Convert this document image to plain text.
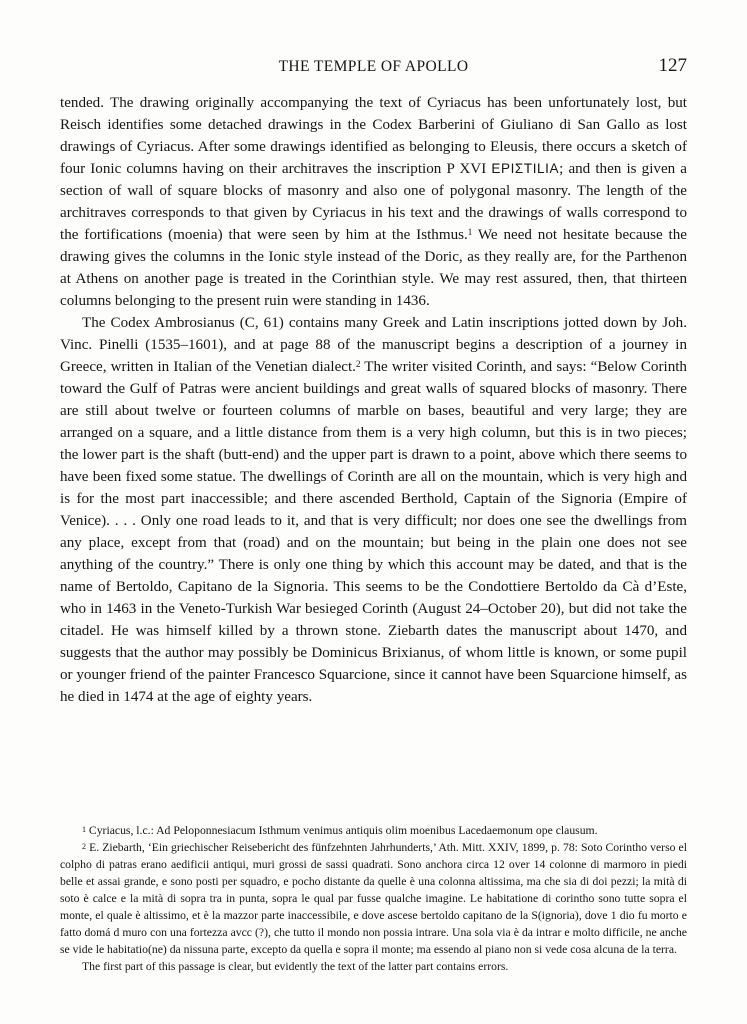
THE TEMPLE OF APOLLO	127

tended. The drawing originally accompanying the text of Cyriacus has been unfortunately lost, but Reisch identifies some detached drawings in the Codex Barberini of Giuliano di San Gallo as lost drawings of Cyriacus. After some drawings identified as belonging to Eleusis, there occurs a sketch of four Ionic columns having on their architraves the inscription P XVI EPIΣTILIA; and then is given a section of wall of square blocks of masonry and also one of polygonal masonry. The length of the architraves corresponds to that given by Cyriacus in his text and the drawings of walls correspond to the fortifications (moenia) that were seen by him at the Isthmus.$^1$ We need not hesitate because the drawing gives the columns in the Ionic style instead of the Doric, as they really are, for the Parthenon at Athens on another page is treated in the Corinthian style. We may rest assured, then, that thirteen columns belonging to the present ruin were standing in 1436.

The Codex Ambrosianus (C, 61) contains many Greek and Latin inscriptions jotted down by Joh. Vinc. Pinelli (1535–1601), and at page 88 of the manuscript begins a description of a journey in Greece, written in Italian of the Venetian dialect.$^2$ The writer visited Corinth, and says: “Below Corinth toward the Gulf of Patras were ancient buildings and great walls of squared blocks of masonry. There are still about twelve or fourteen columns of marble on bases, beautiful and very large; they are arranged on a square, and a little distance from them is a very high column, but this is in two pieces; the lower part is the shaft (butt-end) and the upper part is drawn to a point, above which there seems to have been fixed some statue. The dwellings of Corinth are all on the mountain, which is very high and is for the most part inaccessible; and there ascended Berthold, Captain of the Signoria (Empire of Venice). . . . Only one road leads to it, and that is very difficult; nor does one see the dwellings from any place, except from that (road) and on the mountain; but being in the plain one does not see anything of the country.” There is only one thing by which this account may be dated, and that is the name of Bertoldo, Capitano de la Signoria. This seems to be the Condottiere Bertoldo da Cà d’Este, who in 1463 in the Veneto-Turkish War besieged Corinth (August 24–October 20), but did not take the citadel. He was himself killed by a thrown stone. Ziebarth dates the manuscript about 1470, and suggests that the author may possibly be Dominicus Brixianus, of whom little is known, or some pupil or younger friend of the painter Francesco Squarcione, since it cannot have been Squarcione himself, as he died in 1474 at the age of eighty years.

$^1$ Cyriacus, l.c.: Ad Peloponnesiacum Isthmum venimus antiquis olim moenibus Lacedaemonum ope clausum.

$^2$ E. Ziebarth, ‘Ein griechischer Reisebericht des fünfzehnten Jahrhunderts,’ Ath. Mitt. XXIV, 1899, p. 78: Soto Corintho verso el colpho di patras erano aedificii antiqui, muri grossi de sassi quadrati. Sono anchora circa 12 over 14 colonne di marmoro in piedi belle et assai grande, e sono posti per squadro, e pocho distante da quelle è una colonna altissima, ma che sia di doi pezzi; la mità di soto è calce e la mità di sopra tra in punta, sopra le qual par fusse qualche imagine. Le habitatione di corintho sono tutte sopra el monte, el quale è altissimo, et è la mazzor parte inaccessibile, e dove ascese bertoldo capitano de la S(ignoria), dove 1 dio fu morto e fatto domá d muro con una fortezza avcc (?), che tutto il mondo non possia intrare. Una sola via è da intrar e molto difficile, ne anche se vide le habitatio(ne) da nissuna parte, excepto da quella e sopra il monte; ma essendo al piano non si vede cosa alcuna de la terra.

The first part of this passage is clear, but evidently the text of the latter part contains errors.
